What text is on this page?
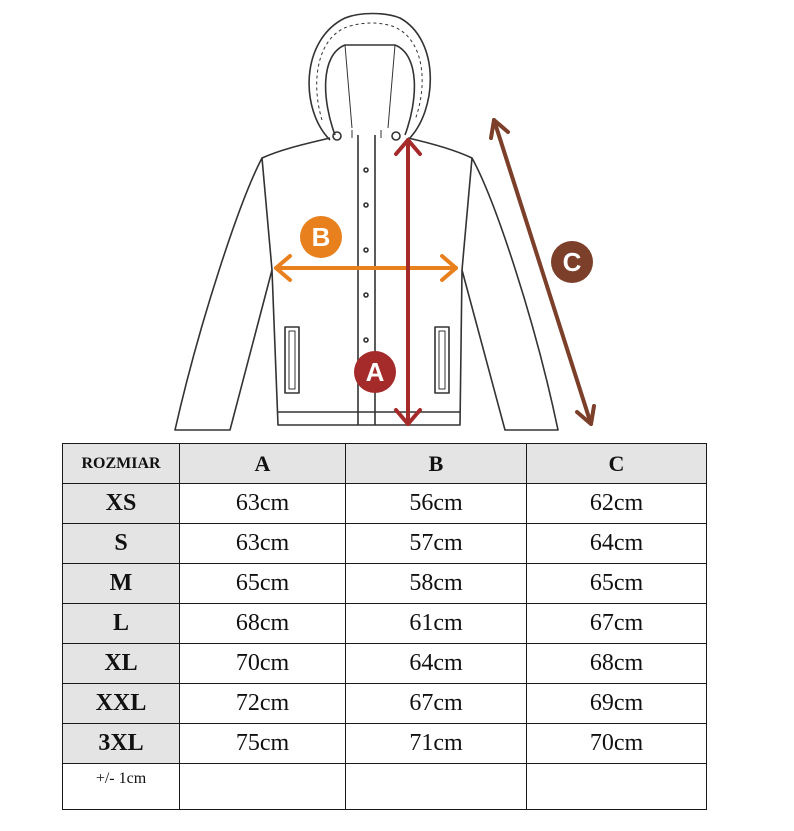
B
A
C
ROZMIAR	A	B	C
XS	63cm	56cm	62cm
S	63cm	57cm	64cm
M	65cm	58cm	65cm
L	68cm	61cm	67cm
XL	70cm	64cm	68cm
XXL	72cm	67cm	69cm
3XL	75cm	71cm	70cm
+/- 1cm			
